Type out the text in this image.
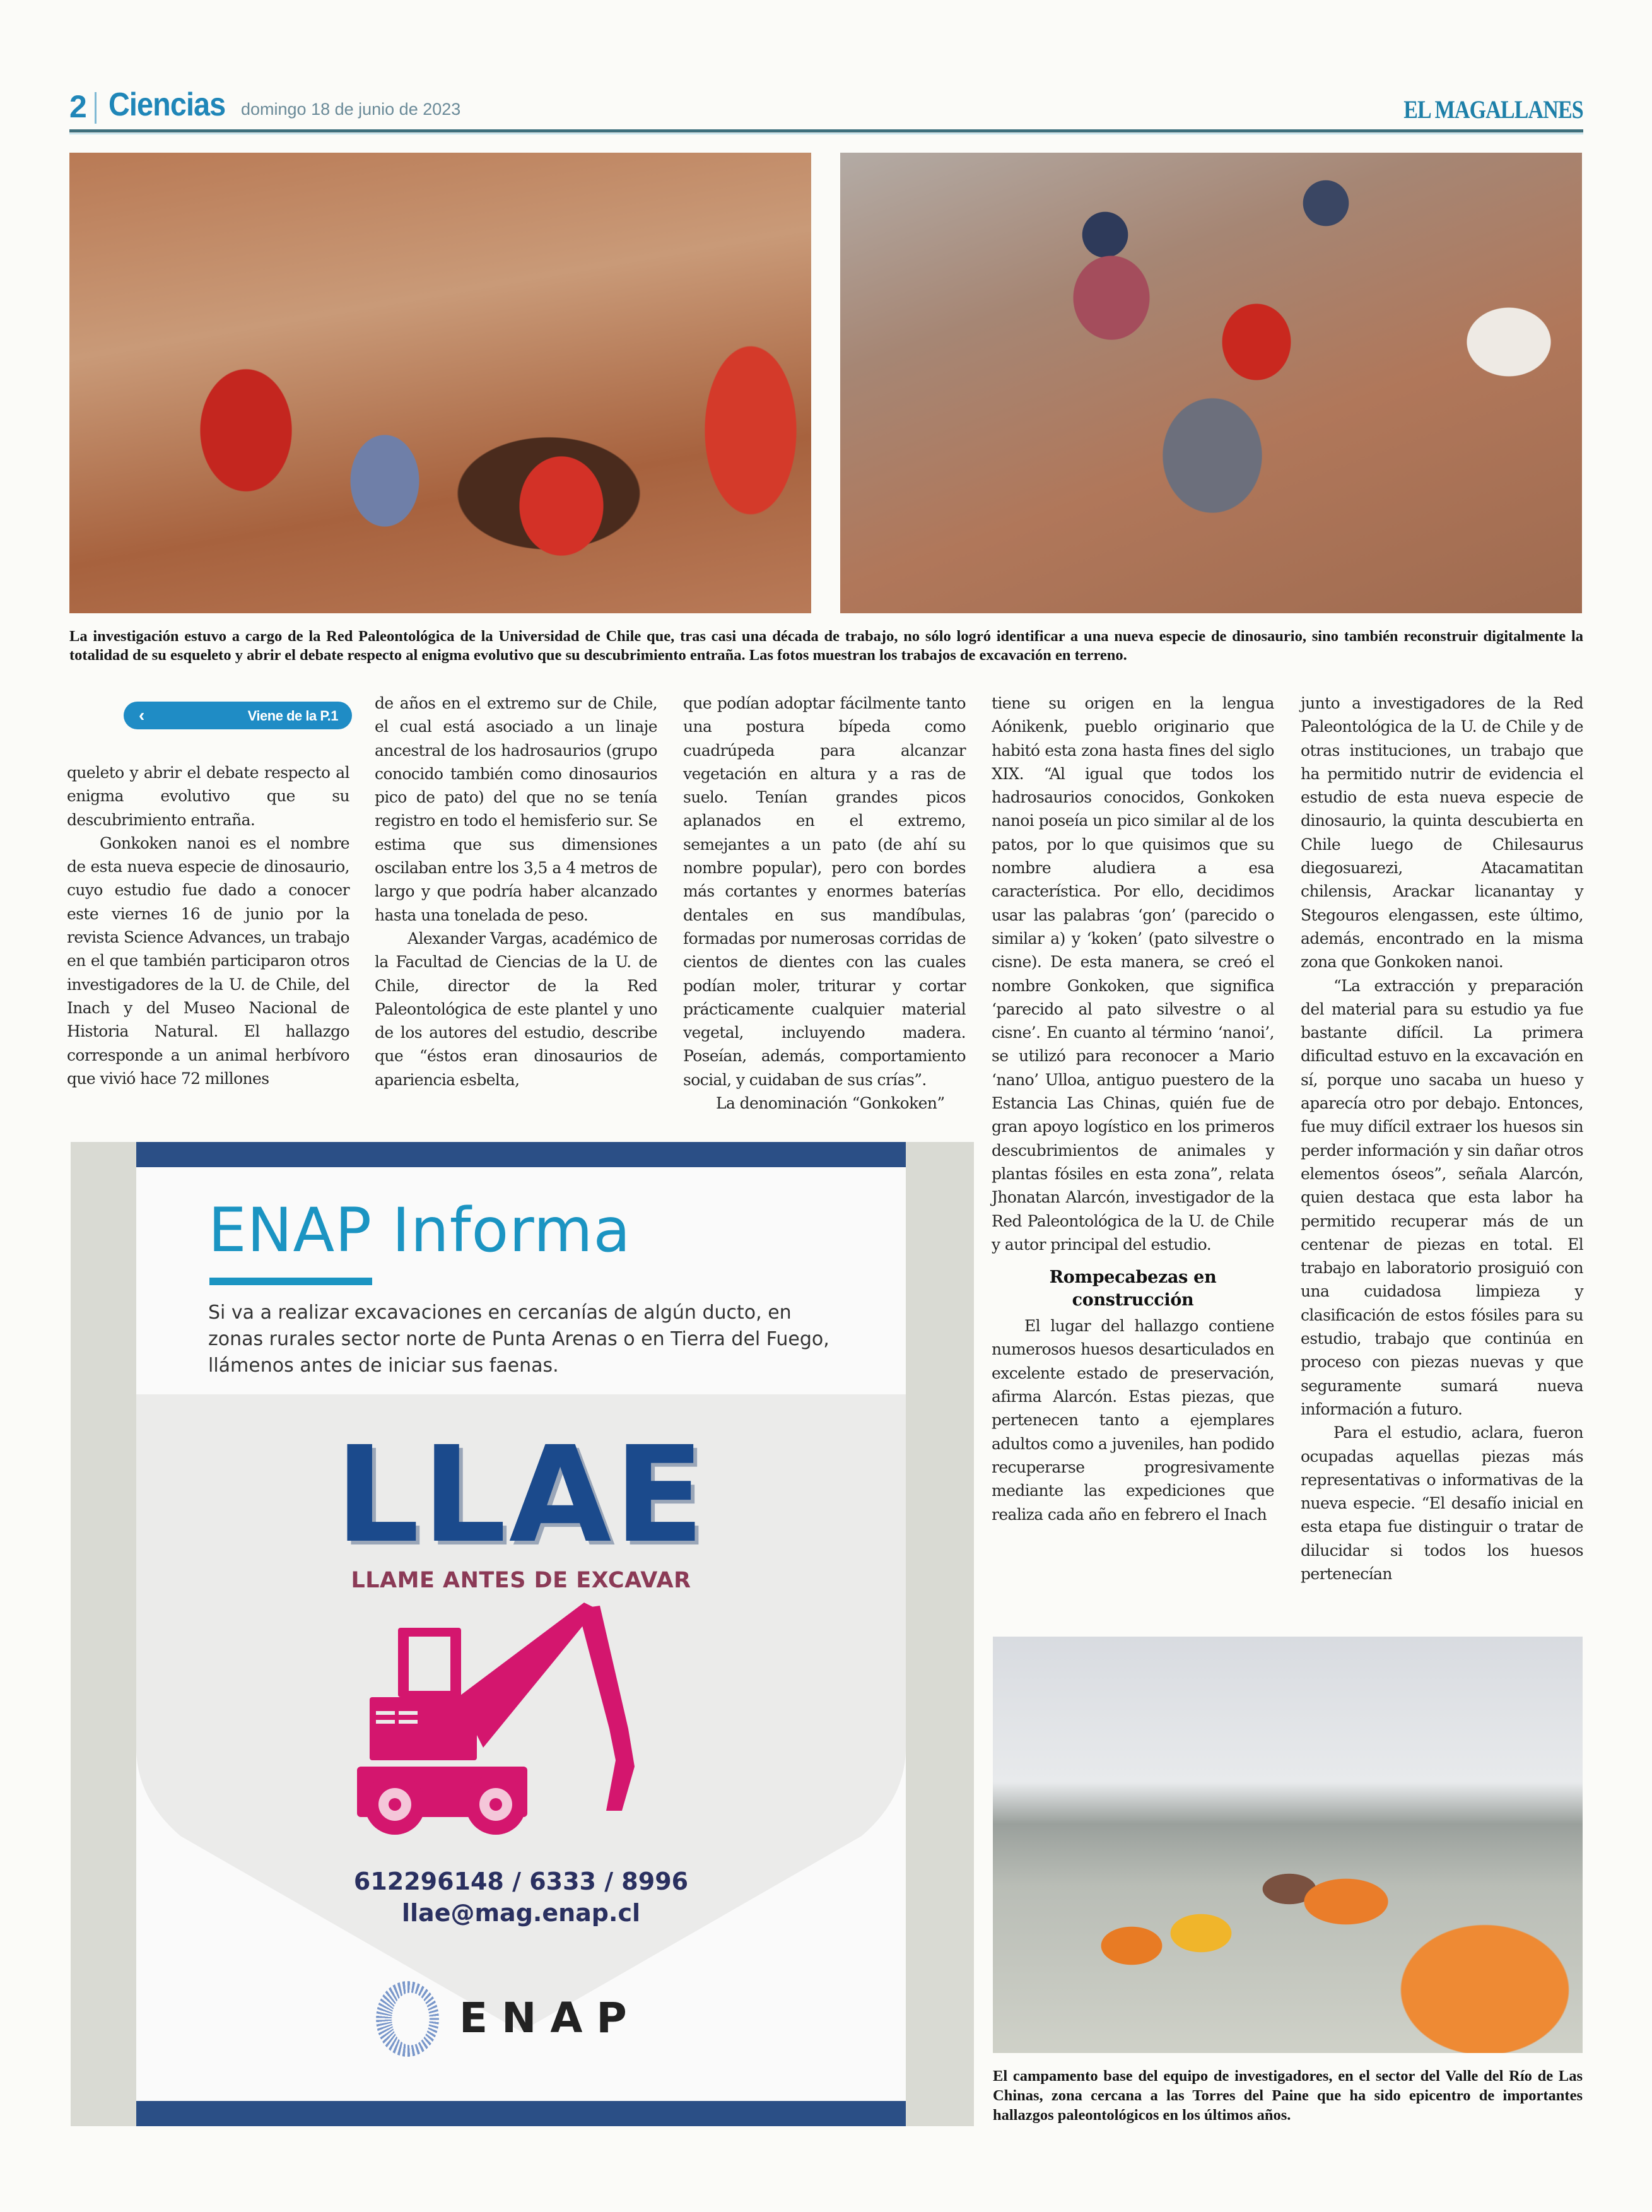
2 Ciencias domingo 18 de junio de 2023	EL MAGALLANES
La investigación estuvo a cargo de la Red Paleontológica de la Universidad de Chile que, tras casi una década de trabajo, no sólo logró identificar a una nueva especie de dinosaurio, sino también reconstruir digitalmente la totalidad de su esqueleto y abrir el debate respecto al enigma evolutivo que su descubrimiento entraña. Las fotos muestran los trabajos de excavación en terreno.
‹	Viene de la P.1

queleto y abrir el debate respecto al enigma evolutivo que su descubrimiento entraña.

Gonkoken nanoi es el nombre de esta nueva especie de dinosaurio, cuyo estudio fue dado a conocer este viernes 16 de junio por la revista Science Advances, un trabajo en el que también participaron otros investigadores de la U. de Chile, del Inach y del Museo Nacional de Historia Natural. El hallazgo corresponde a un animal herbívoro que vivió hace 72 millones

de años en el extremo sur de Chile, el cual está asociado a un linaje ancestral de los hadrosaurios (grupo conocido también como dinosaurios pico de pato) del que no se tenía registro en todo el hemisferio sur. Se estima que sus dimensiones oscilaban entre los 3,5 a 4 metros de largo y que podría haber alcanzado hasta una tonelada de peso.

Alexander Vargas, académico de la Facultad de Ciencias de la U. de Chile, director de la Red Paleontológica de este plantel y uno de los autores del estudio, describe que “éstos eran dinosaurios de apariencia esbelta,

que podían adoptar fácilmente tanto una postura bípeda como cuadrúpeda para alcanzar vegetación en altura y a ras de suelo. Tenían grandes picos aplanados en el extremo, semejantes a un pato (de ahí su nombre popular), pero con bordes más cortantes y enormes baterías dentales en sus mandíbulas, formadas por numerosas corridas de cientos de dientes con las cuales podían moler, triturar y cortar prácticamente cualquier material vegetal, incluyendo madera. Poseían, además, comportamiento social, y cuidaban de sus crías”.

La denominación “Gonkoken”

tiene su origen en la lengua Aónikenk, pueblo originario que habitó esta zona hasta fines del siglo XIX. “Al igual que todos los hadrosaurios conocidos, Gonkoken nanoi poseía un pico similar al de los patos, por lo que quisimos que su nombre aludiera a esa característica. Por ello, decidimos usar las palabras ‘gon’ (parecido o similar a) y ‘koken’ (pato silvestre o cisne). De esta manera, se creó el nombre Gonkoken, que significa ‘parecido al pato silvestre o al cisne’. En cuanto al término ‘nanoi’, se utilizó para reconocer a Mario ‘nano’ Ulloa, antiguo puestero de la Estancia Las Chinas, quién fue de gran apoyo logístico en los primeros descubrimientos de animales y plantas fósiles en esta zona”, relata Jhonatan Alarcón, investigador de la Red Paleontológica de la U. de Chile y autor principal del estudio.

Rompecabezas en construcción

El lugar del hallazgo contiene numerosos huesos desarticulados en excelente estado de preservación, afirma Alarcón. Estas piezas, que pertenecen tanto a ejemplares adultos como a juveniles, han podido recuperarse progresivamente mediante las expediciones que realiza cada año en febrero el Inach

junto a investigadores de la Red Paleontológica de la U. de Chile y de otras instituciones, un trabajo que ha permitido nutrir de evidencia el estudio de esta nueva especie de dinosaurio, la quinta descubierta en Chile luego de Chilesaurus diegosuarezi, Atacamatitan chilensis, Arackar licanantay y Stegouros elengassen, este último, además, encontrado en la misma zona que Gonkoken nanoi.

“La extracción y preparación del material para su estudio ya fue bastante difícil. La primera dificultad estuvo en la excavación en sí, porque uno sacaba un hueso y aparecía otro por debajo. Entonces, fue muy difícil extraer los huesos sin perder información y sin dañar otros elementos óseos”, señala Alarcón, quien destaca que esta labor ha permitido recuperar más de un centenar de piezas en total. El trabajo en laboratorio prosiguió con una cuidadosa limpieza y clasificación de estos fósiles para su estudio, trabajo que continúa en proceso con piezas nuevas y que seguramente sumará nueva información a futuro.

Para el estudio, aclara, fueron ocupadas aquellas piezas más representativas o informativas de la nueva especie. “El desafío inicial en esta etapa fue distinguir o tratar de dilucidar si todos los huesos pertenecían

ENAP Informa
Si va a realizar excavaciones en cercanías de algún ducto, en zonas rurales sector norte de Punta Arenas o en Tierra del Fuego, llámenos antes de iniciar sus faenas.
LLAE
LLAME ANTES DE EXCAVAR
612296148 / 6333 / 8996
llae@mag.enap.cl
ENAP
El campamento base del equipo de investigadores, en el sector del Valle del Río de Las Chinas, zona cercana a las Torres del Paine que ha sido epicentro de importantes hallazgos paleontológicos en los últimos años.
